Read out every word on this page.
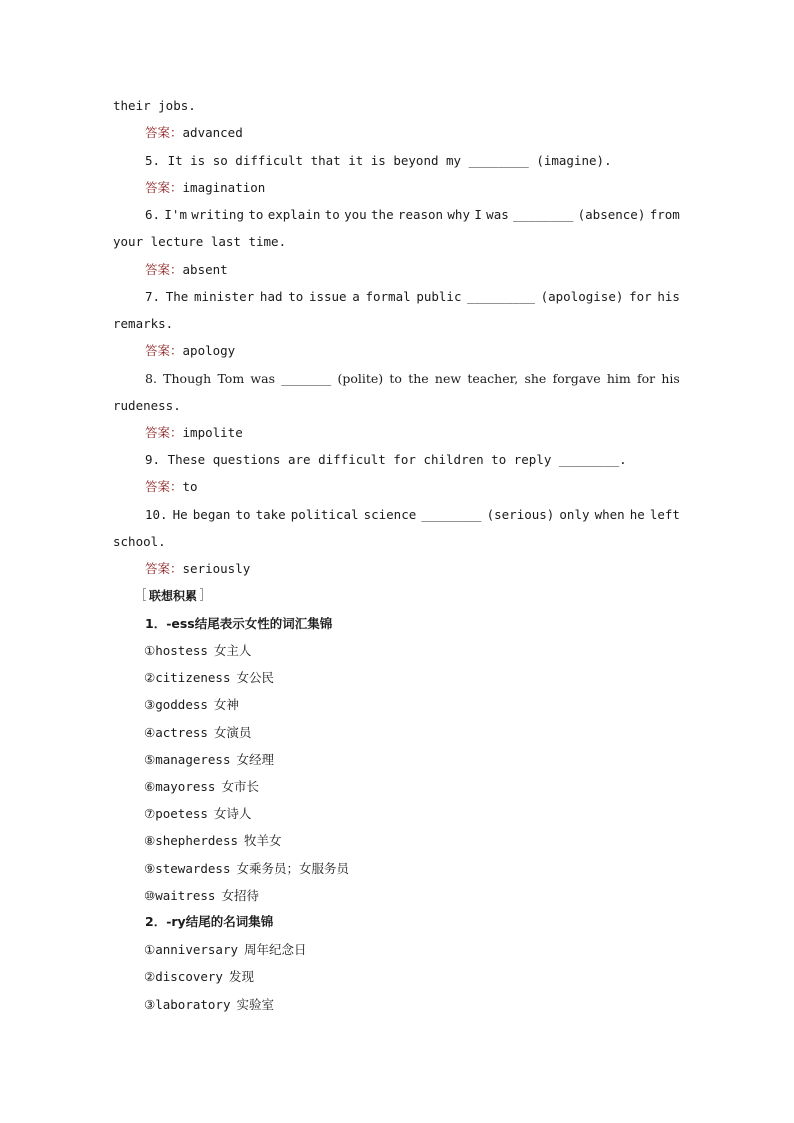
their jobs.
答案：advanced
5. It is so difficult that it is beyond my ________ (imagine).
答案：imagination
6. I'm writing to explain to you the reason why I was ________ (absence) from
your lecture last time.
答案：absent
7. The minister had to issue a formal public _________ (apologise) for his
remarks.
答案：apology
8. Though Tom was ________ (polite) to the new teacher, she forgave him for his
rudeness.
答案：impolite
9. These questions are difficult for children to reply ________.
答案：to
10. He began to take political science ________ (serious) only when he left
school.
答案：seriously
联想积累
1．-ess结尾表示女性的词汇集锦
①hostess 女主人
②citizeness 女公民
③goddess 女神
④actress 女演员
⑤manageress 女经理
⑥mayoress 女市长
⑦poetess 女诗人
⑧shepherdess 牧羊女
⑨stewardess 女乘务员；女服务员
⑩waitress 女招待
2．-ry结尾的名词集锦
①anniversary 周年纪念日
②discovery 发现
③laboratory 实验室
